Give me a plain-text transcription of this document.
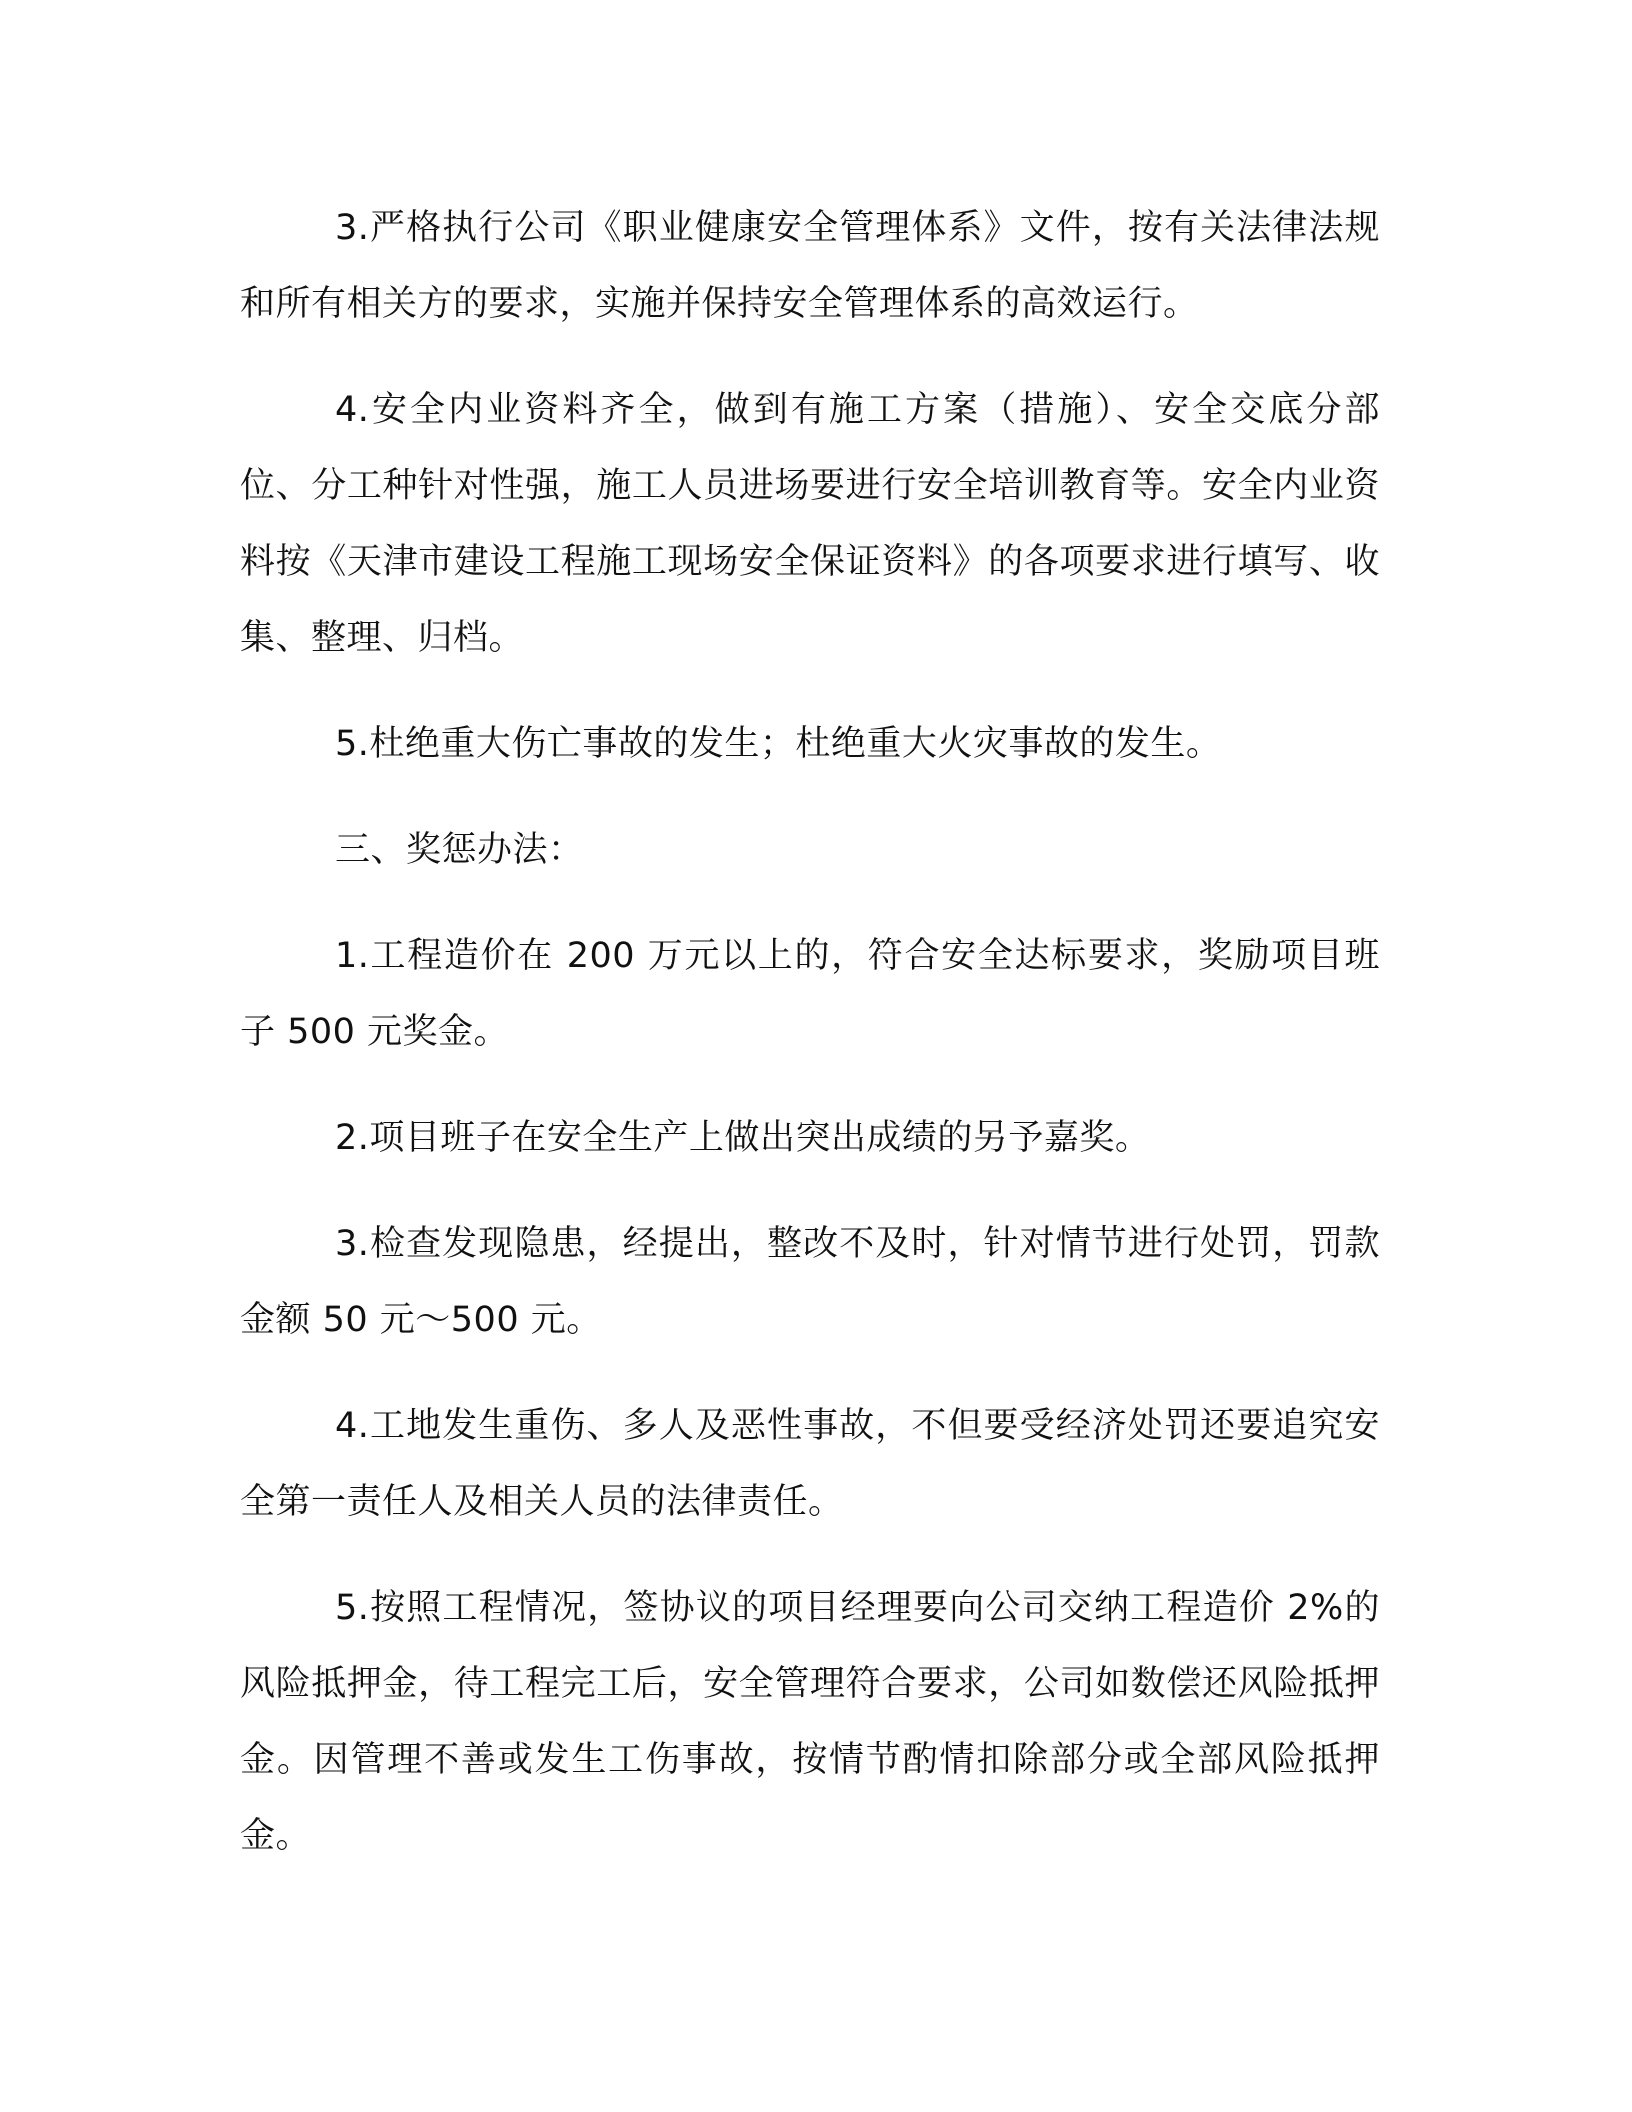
3.严格执行公司《职业健康安全管理体系》文件，按有关法律法规和所有相关方的要求，实施并保持安全管理体系的高效运行。

4.安全内业资料齐全，做到有施工方案（措施）、安全交底分部位、分工种针对性强，施工人员进场要进行安全培训教育等。安全内业资料按《天津市建设工程施工现场安全保证资料》的各项要求进行填写、收集、整理、归档。

5.杜绝重大伤亡事故的发生；杜绝重大火灾事故的发生。

三、奖惩办法：

1.工程造价在 200 万元以上的，符合安全达标要求，奖励项目班子 500 元奖金。

2.项目班子在安全生产上做出突出成绩的另予嘉奖。

3.检查发现隐患，经提出，整改不及时，针对情节进行处罚，罚款金额 50 元～500 元。

4.工地发生重伤、多人及恶性事故，不但要受经济处罚还要追究安全第一责任人及相关人员的法律责任。

5.按照工程情况，签协议的项目经理要向公司交纳工程造价 2%的风险抵押金，待工程完工后，安全管理符合要求，公司如数偿还风险抵押金。因管理不善或发生工伤事故，按情节酌情扣除部分或全部风险抵押金。
